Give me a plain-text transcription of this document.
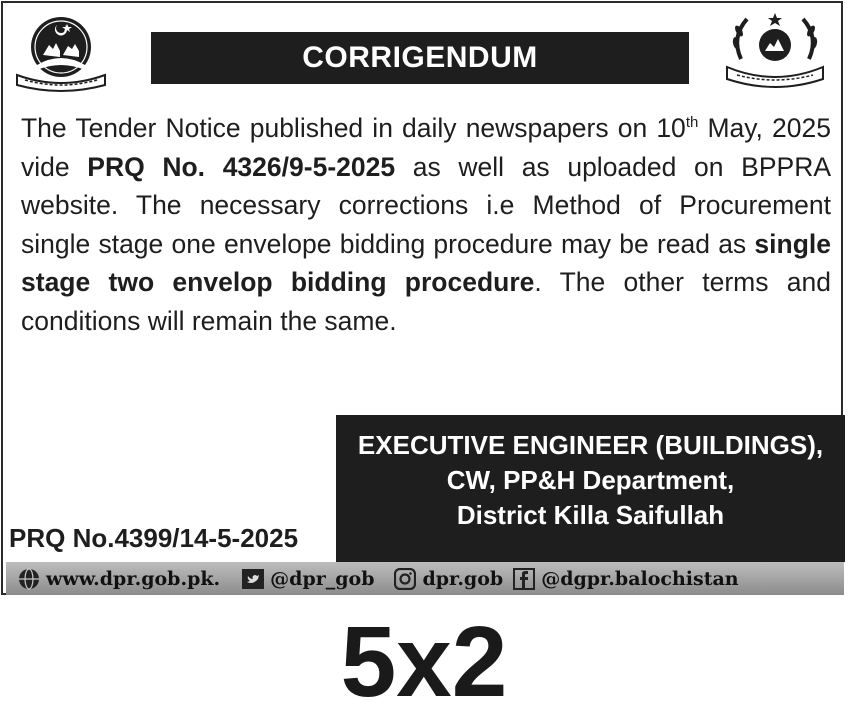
CORRIGENDUM
The Tender Notice published in daily newspapers on 10th May, 2025 vide PRQ No. 4326/9-5-2025 as well as uploaded on BPPRA website. The necessary corrections i.e Method of Procurement single stage one envelope bidding procedure may be read as single stage two envelop bidding procedure. The other terms and conditions will remain the same.
PRQ No.4399/14-5-2025
EXECUTIVE ENGINEER (BUILDINGS),
CW, PP&H Department,
District Killa Saifullah
www.dpr.gob.pk.	@dpr_gob	dpr.gob @dgpr.balochistan
5x2
